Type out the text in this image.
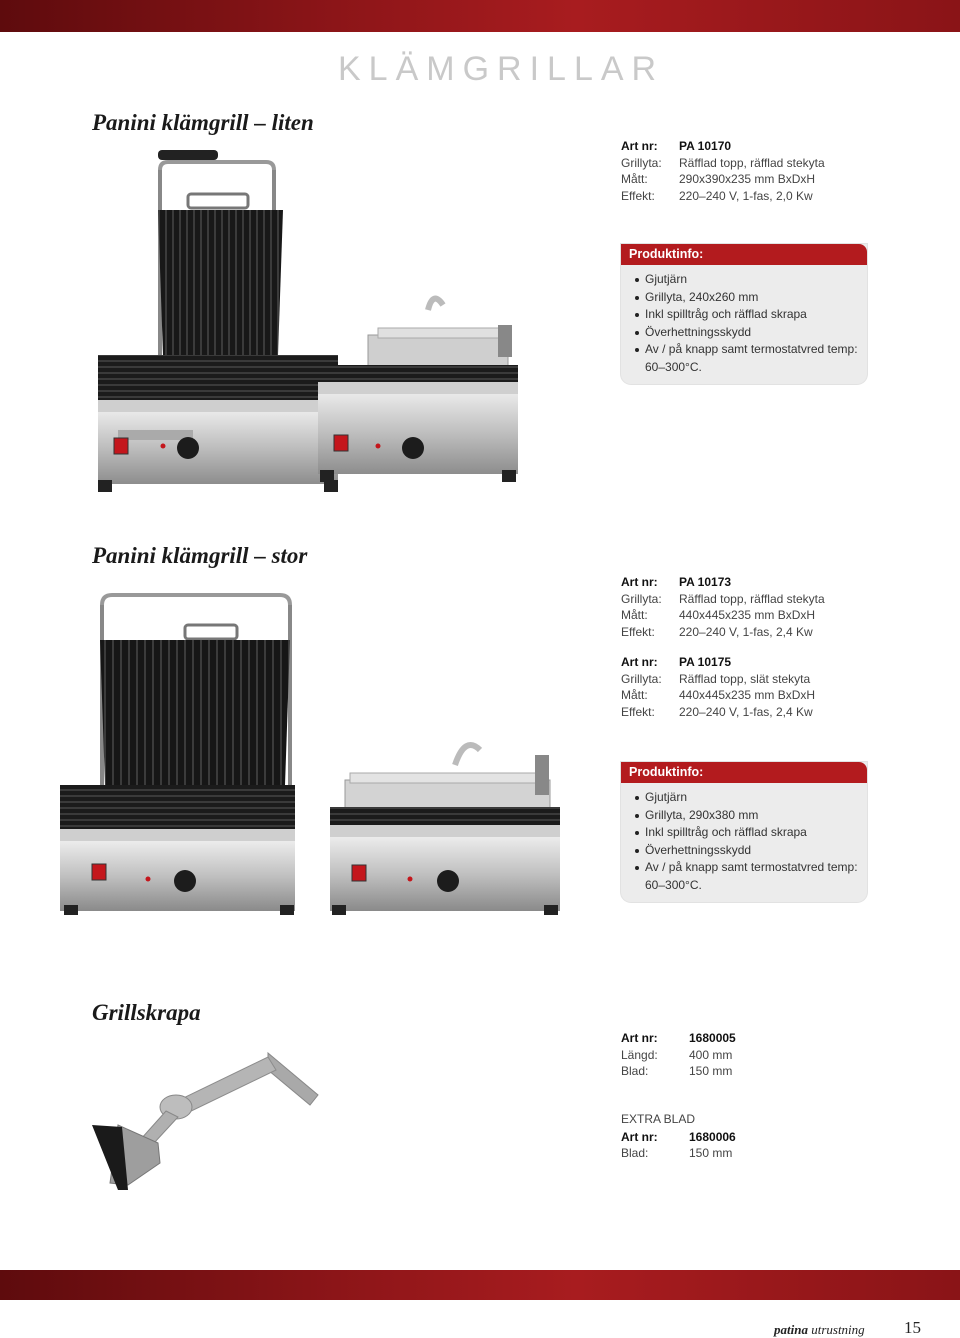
KLÄMGRILLAR
Panini klämgrill – liten
Art nr:	PA 10170
Grillyta:	Räfflad topp, räfflad stekyta
Mått:	290x390x235 mm BxDxH
Effekt:	220–240 V, 1-fas, 2,0 Kw
Produktinfo:
Gjutjärn
Grillyta, 240x260 mm
Inkl spilltråg och räfflad skrapa
Överhettningsskydd
Av / på knapp samt termostatvred temp:
60–300°C.
Panini klämgrill – stor
Art nr:	PA 10173
Grillyta:	Räfflad topp, räfflad stekyta
Mått:	440x445x235 mm BxDxH
Effekt:	220–240 V, 1-fas, 2,4 Kw
Art nr:	PA 10175
Grillyta:	Räfflad topp, slät stekyta
Mått:	440x445x235 mm BxDxH
Effekt:	220–240 V, 1-fas, 2,4 Kw
Produktinfo:
Gjutjärn
Grillyta, 290x380 mm
Inkl spilltråg och räfflad skrapa
Överhettningsskydd
Av / på knapp samt termostatvred temp:
60–300°C.
Grillskrapa
Art nr:	1680005
Längd:	400 mm
Blad:	150 mm
EXTRA BLAD
Art nr:	1680006
Blad:	150 mm
patina utrustning 15
